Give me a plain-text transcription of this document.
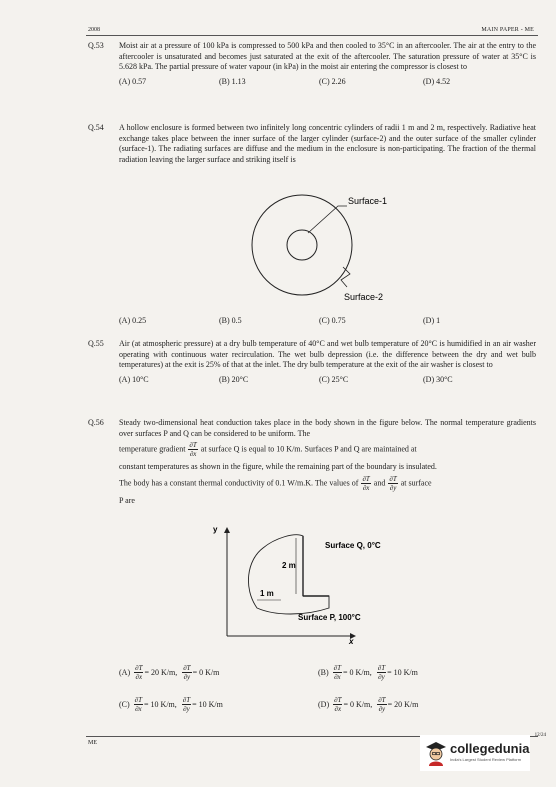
2008	MAIN PAPER - ME
Q.53	Moist air at a pressure of 100 kPa is compressed to 500 kPa and then cooled to 35°C in an aftercooler. The air at the entry to the aftercooler is unsaturated and becomes just saturated at the exit of the aftercooler. The saturation pressure of water at 35°C is 5.628 kPa. The partial pressure of water vapour (in kPa) in the moist air entering the compressor is closest to
(A) 0.57	(B) 1.13	(C) 2.26	(D) 4.52
Q.54	A hollow enclosure is formed between two infinitely long concentric cylinders of radii 1 m and 2 m, respectively. Radiative heat exchange takes place between the inner surface of the larger cylinder (surface-2) and the outer surface of the smaller cylinder (surface-1). The radiating surfaces are diffuse and the medium in the enclosure is non-participating. The fraction of the thermal radiation leaving the larger surface and striking itself is
Surface-1
Surface-2
(A) 0.25	(B) 0.5	(C) 0.75	(D) 1
Q.55	Air (at atmospheric pressure) at a dry bulb temperature of 40°C and wet bulb temperature of 20°C is humidified in an air washer operating with continuous water recirculation. The wet bulb depression (i.e. the difference between the dry and wet bulb temperatures) at the exit is 25% of that at the inlet. The dry bulb temperature at the exit of the air washer is closest to
(A) 10°C	(B) 20°C	(C) 25°C	(D) 30°C
Q.56	Steady two-dimensional heat conduction takes place in the body shown in the figure below. The normal temperature gradients over surfaces P and Q can be considered to be uniform. The
temperature gradient $\frac{\partial T}{\partial x}$ at surface Q is equal to 10 K/m. Surfaces P and Q are maintained at
constant temperatures as shown in the figure, while the remaining part of the boundary is insulated.
The body has a constant thermal conductivity of 0.1 W/m.K. The values of $\frac{\partial T}{\partial x}$ and $\frac{\partial T}{\partial y}$ at surface
P are
y
x
2 m
1 m
Surface Q, 0°C
Surface P, 100°C
$(A) \frac{\partial T}{\partial x} = 20$ K/m, $\frac{\partial T}{\partial y} = 0$ K/m	$(B) \frac{\partial T}{\partial x} = 0$ K/m, $\frac{\partial T}{\partial y} = 10$ K/m
$(C) \frac{\partial T}{\partial x} = 10$ K/m, $\frac{\partial T}{\partial y} = 10$ K/m	$(D) \frac{\partial T}{\partial x} = 0$ K/m, $\frac{\partial T}{\partial y} = 20$ K/m
ME	collegedunia
India's Largest Student Review Platform
12/24
